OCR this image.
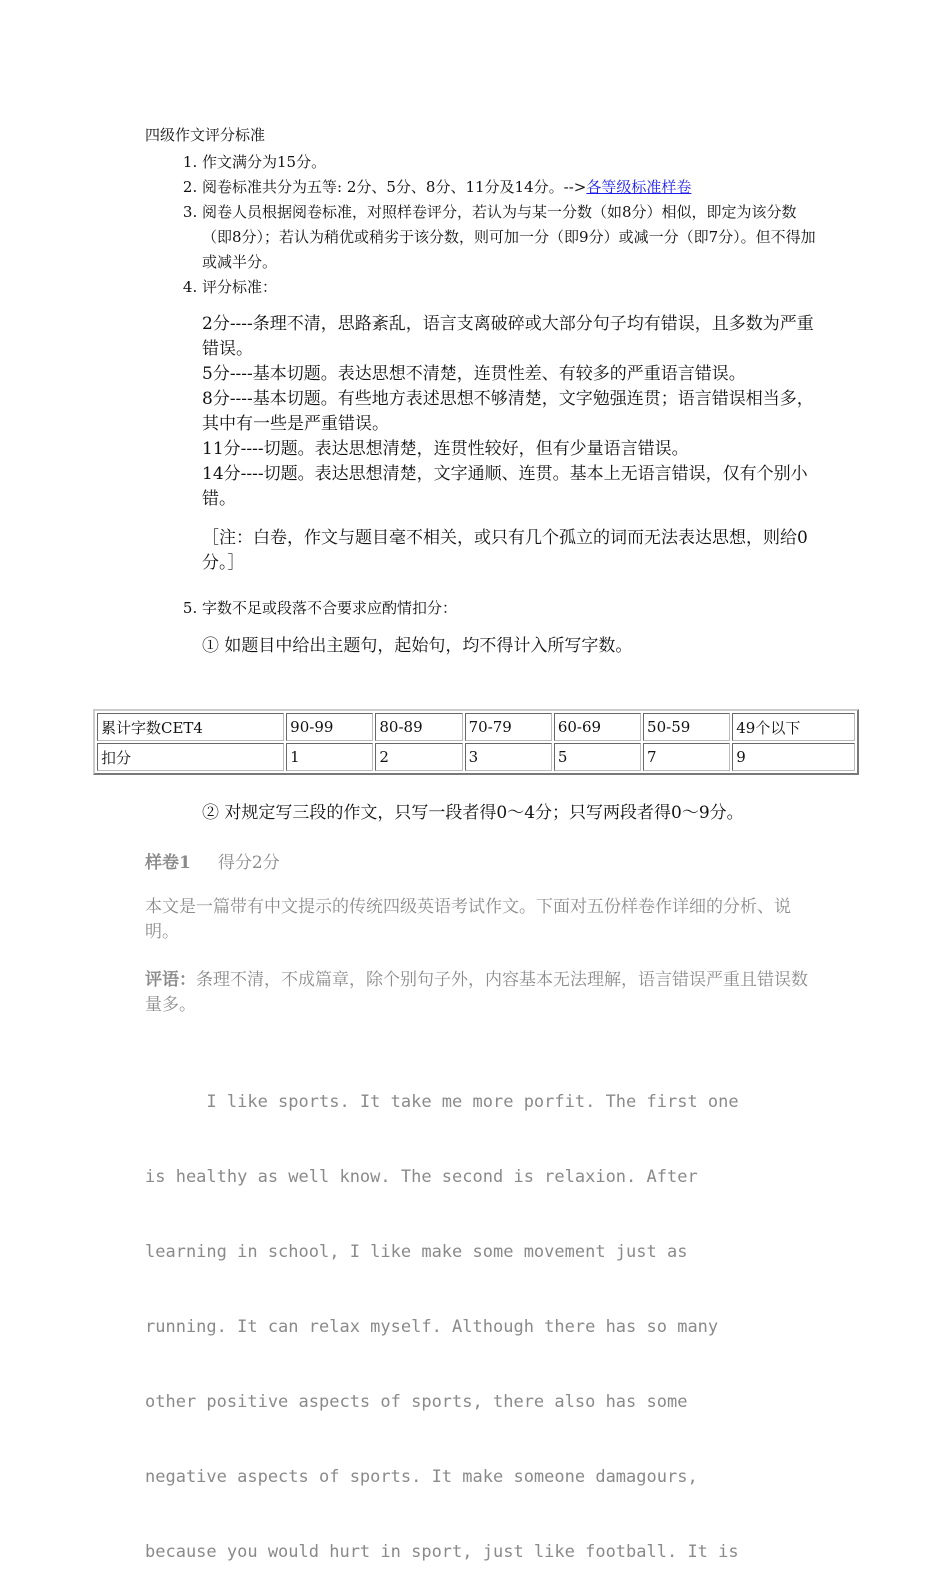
四级作文评分标准
1. 作文满分为15分。
2. 阅卷标准共分为五等: 2分、5分、8分、11分及14分。-->各等级标准样卷
3. 阅卷人员根据阅卷标准，对照样卷评分，若认为与某一分数（如8分）相似，即定为该分数（即8分）；若认为稍优或稍劣于该分数，则可加一分（即9分）或减一分（即7分）。但不得加或减半分。
4. 评分标准：
2分----条理不清，思路紊乱，语言支离破碎或大部分句子均有错误，且多数为严重错误。
5分----基本切题。表达思想不清楚，连贯性差、有较多的严重语言错误。
8分----基本切题。有些地方表述思想不够清楚，文字勉强连贯；语言错误相当多，其中有一些是严重错误。
11分----切题。表达思想清楚，连贯性较好，但有少量语言错误。
14分----切题。表达思想清楚，文字通顺、连贯。基本上无语言错误，仅有个别小错。
［注：白卷，作文与题目毫不相关，或只有几个孤立的词而无法表达思想，则给0分。］
5. 字数不足或段落不合要求应酌情扣分：
① 如题目中给出主题句，起始句，均不得计入所写字数。
累计字数CET4	90-99	80-89	70-79	60-69	50-59	49个以下
扣分	1	2	3	5	7	9
② 对规定写三段的作文，只写一段者得0～4分；只写两段者得0～9分。
样卷1 得分2分
本文是一篇带有中文提示的传统四级英语考试作文。下面对五份样卷作详细的分析、说明。
评语：条理不清，不成篇章，除个别句子外，内容基本无法理解，语言错误严重且错误数量多。

I like sports. It take me more porfit. The first one

is healthy as well know. The second is relaxion. After

learning in school, I like make some movement just as

running. It can relax myself. Although there has so many

other positive aspects of sports, there also has some

negative aspects of sports. It make someone damagours,

because you would hurt in sport, just like football. It is
